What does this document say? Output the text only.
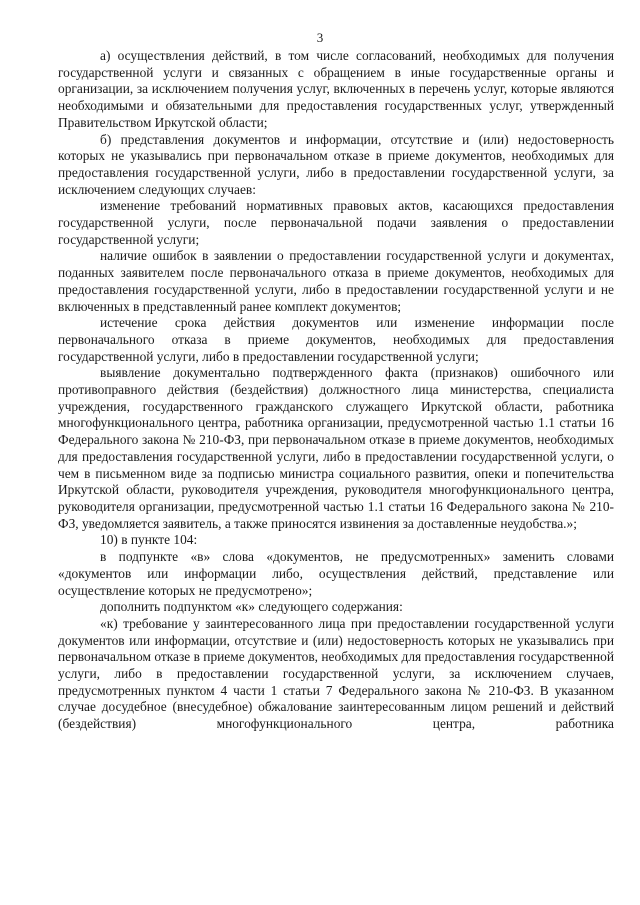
3

а) осуществления действий, в том числе согласований, необходимых для получения государственной услуги и связанных с обращением в иные государственные органы и организации, за исключением получения услуг, включенных в перечень услуг, которые являются необходимыми и обязательными для предоставления государственных услуг, утвержденный Правительством Иркутской области;

б) представления документов и информации, отсутствие и (или) недостоверность которых не указывались при первоначальном отказе в приеме документов, необходимых для предоставления государственной услуги, либо в предоставлении государственной услуги, за исключением следующих случаев:

изменение требований нормативных правовых актов, касающихся предоставления государственной услуги, после первоначальной подачи заявления о предоставлении государственной услуги;

наличие ошибок в заявлении о предоставлении государственной услуги и документах, поданных заявителем после первоначального отказа в приеме документов, необходимых для предоставления государственной услуги, либо в предоставлении государственной услуги и не включенных в представленный ранее комплект документов;

истечение срока действия документов или изменение информации после первоначального отказа в приеме документов, необходимых для предоставления государственной услуги, либо в предоставлении государственной услуги;

выявление документально подтвержденного факта (признаков) ошибочного или противоправного действия (бездействия) должностного лица министерства, специалиста учреждения, государственного гражданского служащего Иркутской области, работника многофункционального центра, работника организации, предусмотренной частью 1.1 статьи 16 Федерального закона № 210-ФЗ, при первоначальном отказе в приеме документов, необходимых для предоставления государственной услуги, либо в предоставлении государственной услуги, о чем в письменном виде за подписью министра социального развития, опеки и попечительства Иркутской области, руководителя учреждения, руководителя многофункционального центра, руководителя организации, предусмотренной частью 1.1 статьи 16 Федерального закона № 210-ФЗ, уведомляется заявитель, а также приносятся извинения за доставленные неудобства.»;

10) в пункте 104:

в подпункте «в» слова «документов, не предусмотренных» заменить словами «документов или информации либо, осуществления действий, представление или осуществление которых не предусмотрено»;

дополнить подпунктом «к» следующего содержания:

«к) требование у заинтересованного лица при предоставлении государственной услуги документов или информации, отсутствие и (или) недостоверность которых не указывались при первоначальном отказе в приеме документов, необходимых для предоставления государственной услуги, либо в предоставлении государственной услуги, за исключением случаев, предусмотренных пунктом 4 части 1 статьи 7 Федерального закона № 210-ФЗ. В указанном случае досудебное (внесудебное) обжалование заинтересованным лицом решений и действий (бездействия) многофункционального центра, работника
